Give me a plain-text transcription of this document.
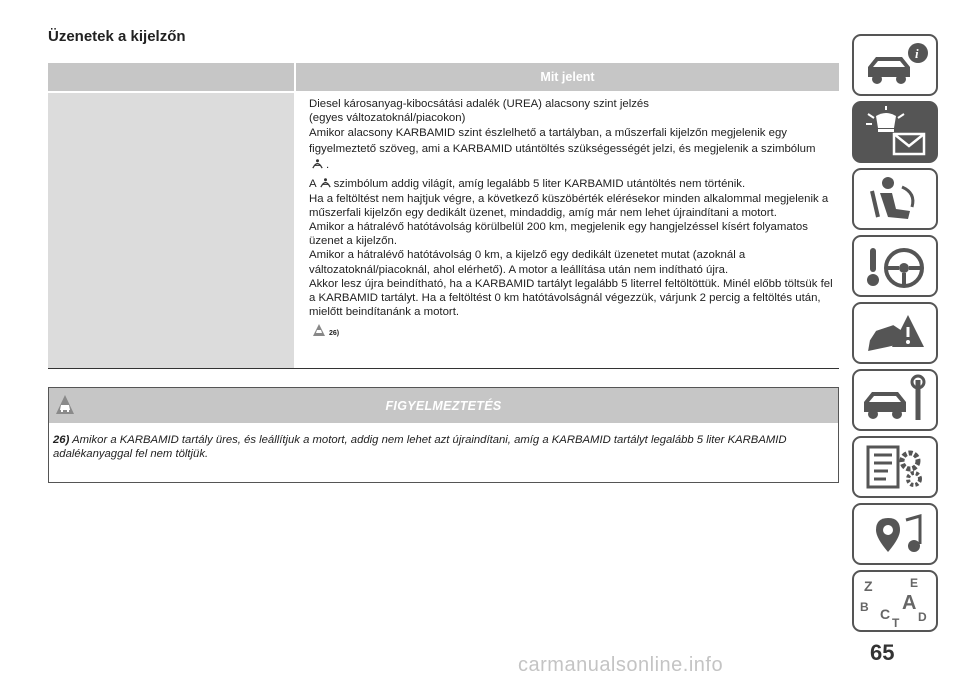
Üzenetek a kijelzőn
Mit jelent

Diesel károsanyag-kibocsátási adalék (UREA) alacsony szint jelzés

(egyes változatoknál/piacokon)

Amikor alacsony KARBAMID szint észlelhető a tartályban, a műszerfali kijelzőn megjelenik egy figyelmeztető szöveg, ami a KARBAMID utántöltés szükségességét jelzi, és megjelenik a szimbólum .

A szimbólum addig világít, amíg legalább 5 liter KARBAMID utántöltés nem történik.

Ha a feltöltést nem hajtjuk végre, a következő küszöbérték elérésekor minden alkalommal megjelenik a műszerfali kijelzőn egy dedikált üzenet, mindaddig, amíg már nem lehet újraindítani a motort.

Amikor a hátralévő hatótávolság körülbelül 200 km, megjelenik egy hangjelzéssel kísért folyamatos üzenet a kijelzőn.

Amikor a hátralévő hatótávolság 0 km, a kijelző egy dedikált üzenetet mutat (azoknál a változatoknál/piacoknál, ahol elérhető). A motor a leállítása után nem indítható újra.

Akkor lesz újra beindítható, ha a KARBAMID tartályt legalább 5 literrel feltöltöttük. Minél előbb töltsük fel a KARBAMID tartályt. Ha a feltöltést 0 km hatótávolságnál végezzük, várjunk 2 percig a feltöltés után, mielőtt beindítanánk a motort.

26)

FIGYELMEZTETÉS
26) Amikor a KARBAMID tartály üres, és leállítjuk a motort, addig nem lehet azt újraindítani, amíg a KARBAMID tartályt legalább 5 liter KARBAMID adalékanyaggal fel nem töltjük.
i
Z	E
B A
C D
T
65
carmanualsonline.info
